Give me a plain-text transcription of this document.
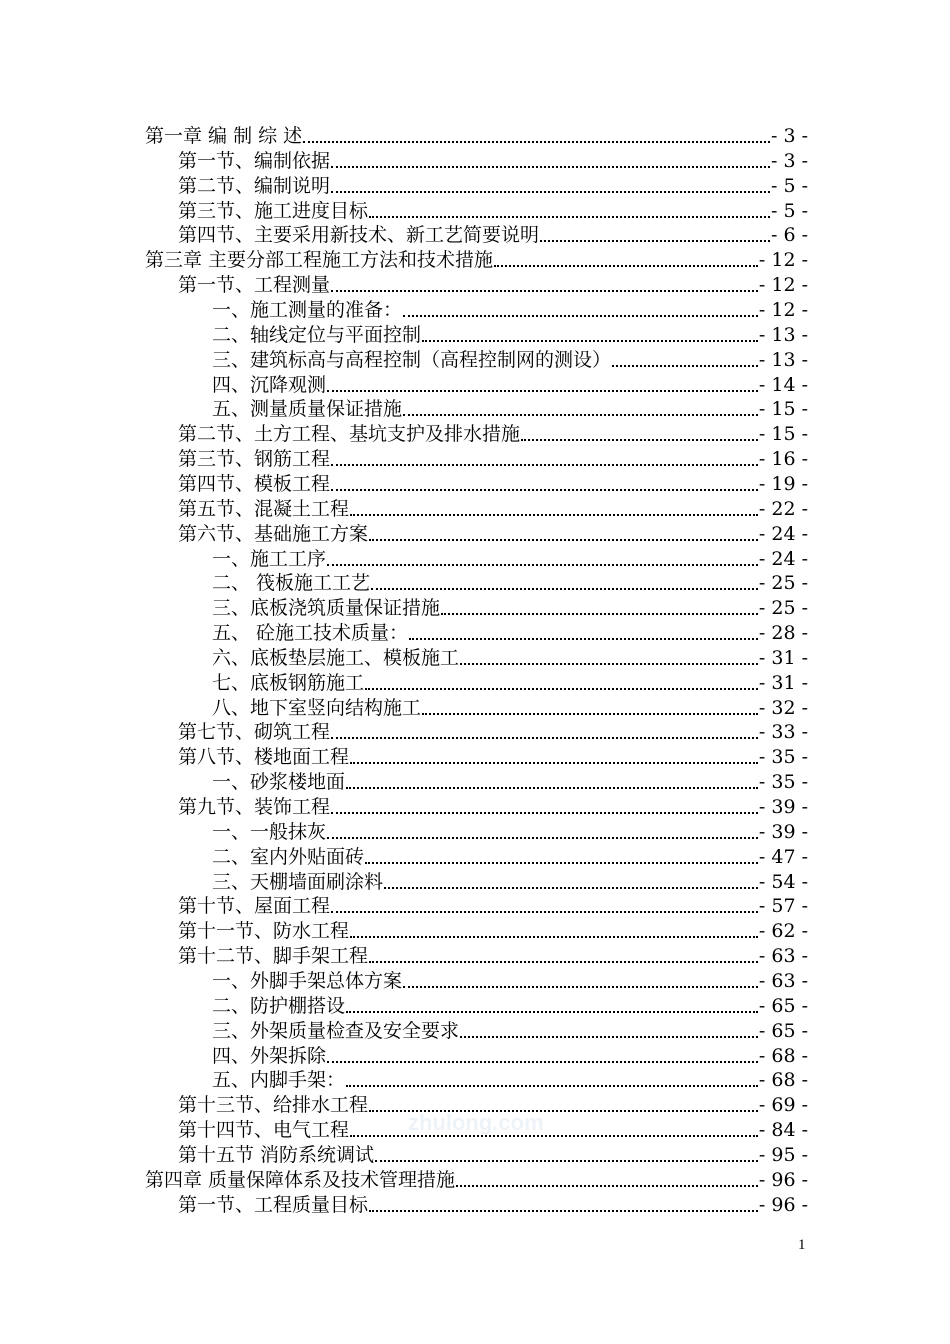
第一章 编 制 综 述	- 3 -
第一节、编制依据	- 3 -
第二节、编制说明	- 5 -
第三节、施工进度目标	- 5 -
第四节、主要采用新技术、新工艺简要说明	- 6 -
第三章 主要分部工程施工方法和技术措施	- 12 -
第一节、工程测量	- 12 -
一、施工测量的准备：	- 12 -
二、轴线定位与平面控制	- 13 -
三、建筑标高与高程控制（高程控制网的测设）	- 13 -
四、沉降观测	- 14 -
五、测量质量保证措施	- 15 -
第二节、土方工程、基坑支护及排水措施	- 15 -
第三节、钢筋工程	- 16 -
第四节、模板工程	- 19 -
第五节、混凝土工程	- 22 -
第六节、基础施工方案	- 24 -
一、施工工序	- 24 -
二、 筏板施工工艺	- 25 -
三、底板浇筑质量保证措施	- 25 -
五、 砼施工技术质量：	- 28 -
六、底板垫层施工、模板施工	- 31 -
七、底板钢筋施工	- 31 -
八、地下室竖向结构施工	- 32 -
第七节、砌筑工程	- 33 -
第八节、楼地面工程	- 35 -
一、砂浆楼地面	- 35 -
第九节、装饰工程	- 39 -
一、一般抹灰	- 39 -
二、室内外贴面砖	- 47 -
三、天棚墙面刷涂料	- 54 -
第十节、屋面工程	- 57 -
第十一节、防水工程	- 62 -
第十二节、脚手架工程	- 63 -
一、外脚手架总体方案	- 63 -
二、防护棚搭设	- 65 -
三、外架质量检查及安全要求	- 65 -
四、外架拆除	- 68 -
五、内脚手架：	- 68 -
第十三节、给排水工程	- 69 -
第十四节、电气工程	- 84 -
第十五节 消防系统调试	- 95 -
第四章 质量保障体系及技术管理措施	- 96 -
第一节、工程质量目标	- 96 -
zhulong.com
1
